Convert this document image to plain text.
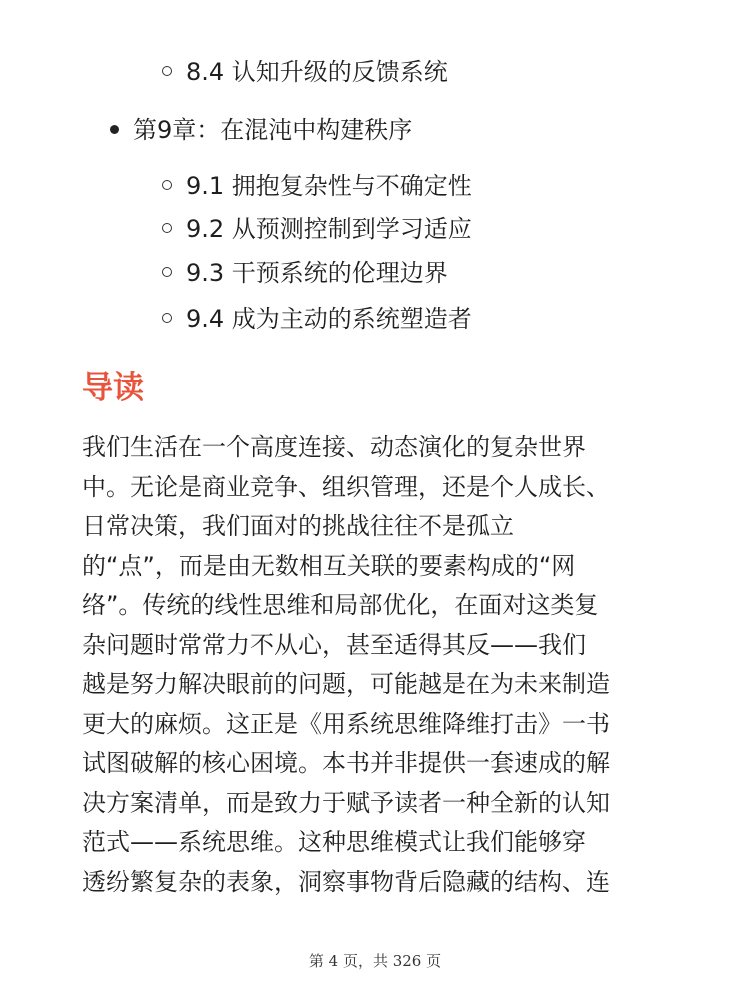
8.4 认知升级的反馈系统
第9章：在混沌中构建秩序
9.1 拥抱复杂性与不确定性
9.2 从预测控制到学习适应
9.3 干预系统的伦理边界
9.4 成为主动的系统塑造者
导读
我们生活在一个高度连接、动态演化的复杂世界
中。无论是商业竞争、组织管理，还是个人成长、
日常决策，我们面对的挑战往往不是孤立
的“点”，而是由无数相互关联的要素构成的“网
络”。传统的线性思维和局部优化，在面对这类复
杂问题时常常力不从心，甚至适得其反——我们
越是努力解决眼前的问题，可能越是在为未来制造
更大的麻烦。这正是《用系统思维降维打击》一书
试图破解的核心困境。本书并非提供一套速成的解
决方案清单，而是致力于赋予读者一种全新的认知
范式——系统思维。这种思维模式让我们能够穿
透纷繁复杂的表象，洞察事物背后隐藏的结构、连
第 4 页，共 326 页
